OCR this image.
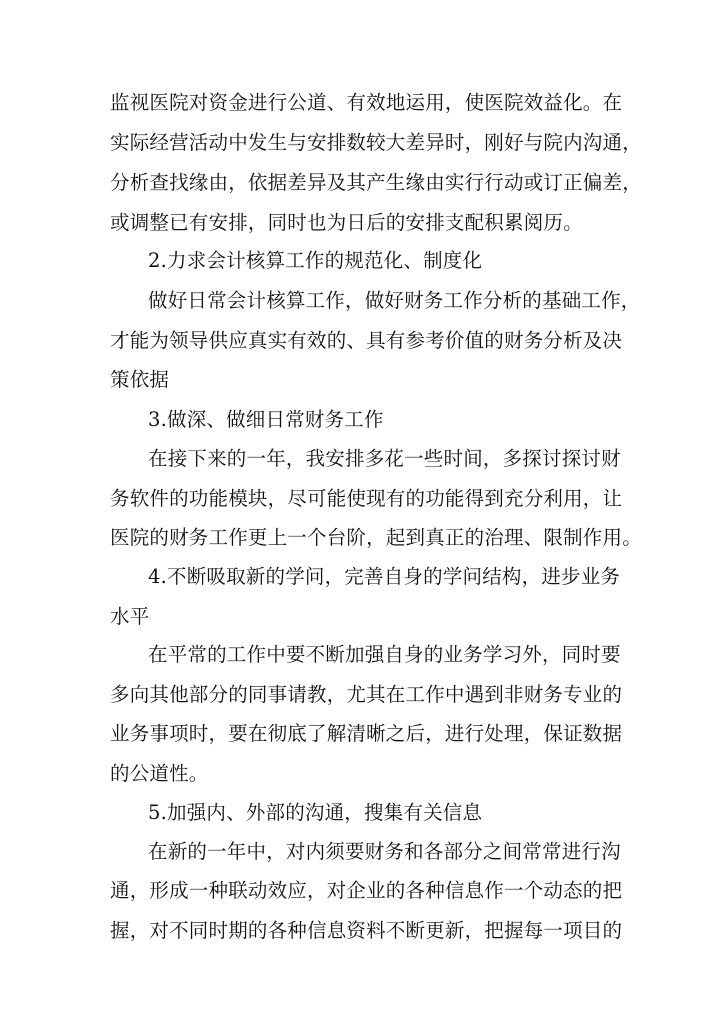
监视医院对资金进行公道、有效地运用，使医院效益化。在
实际经营活动中发生与安排数较大差异时，刚好与院内沟通，
分析查找缘由，依据差异及其产生缘由实行行动或订正偏差，
或调整已有安排，同时也为日后的安排支配积累阅历。
2.力求会计核算工作的规范化、制度化
做好日常会计核算工作，做好财务工作分析的基础工作，
才能为领导供应真实有效的、具有参考价值的财务分析及决
策依据
3.做深、做细日常财务工作
在接下来的一年，我安排多花一些时间，多探讨探讨财
务软件的功能模块，尽可能使现有的功能得到充分利用，让
医院的财务工作更上一个台阶，起到真正的治理、限制作用。
4.不断吸取新的学问，完善自身的学问结构，进步业务
水平
在平常的工作中要不断加强自身的业务学习外，同时要
多向其他部分的同事请教，尤其在工作中遇到非财务专业的
业务事项时，要在彻底了解清晰之后，进行处理，保证数据
的公道性。
5.加强内、外部的沟通，搜集有关信息
在新的一年中，对内须要财务和各部分之间常常进行沟
通，形成一种联动效应，对企业的各种信息作一个动态的把
握，对不同时期的各种信息资料不断更新，把握每一项目的
